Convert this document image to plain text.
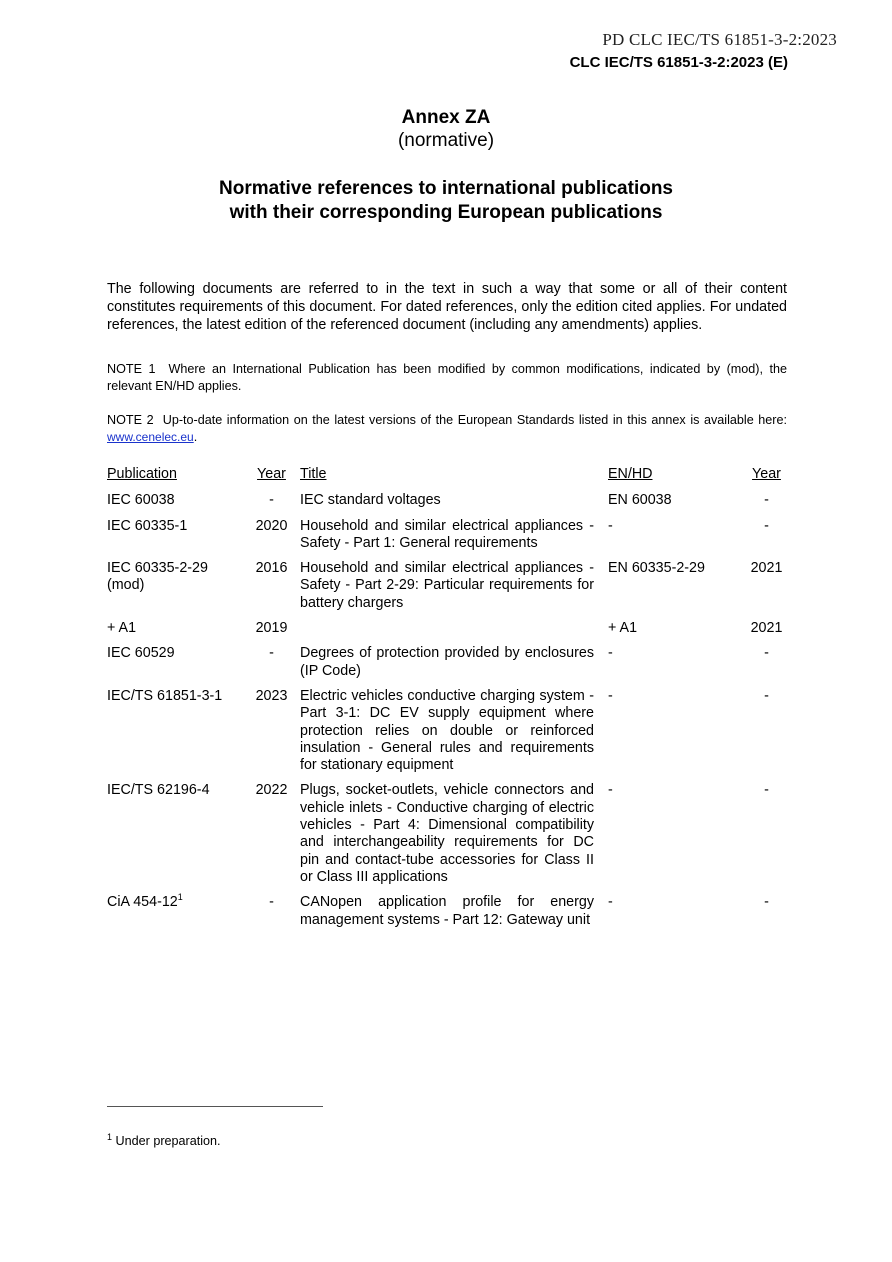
PD CLC IEC/TS 61851-3-2:2023
CLC IEC/TS 61851-3-2:2023 (E)
Annex ZA
(normative)
Normative references to international publications
with their corresponding European publications
The following documents are referred to in the text in such a way that some or all of their content constitutes requirements of this document. For dated references, only the edition cited applies. For undated references, the latest edition of the referenced document (including any amendments) applies.
NOTE 1  Where an International Publication has been modified by common modifications, indicated by (mod), the relevant EN/HD applies.
NOTE 2  Up-to-date information on the latest versions of the European Standards listed in this annex is available here: www.cenelec.eu.
Publication	Year	Title	EN/HD	Year
IEC 60038	-	IEC standard voltages	EN 60038	-
IEC 60335-1	2020	Household and similar electrical appliances - Safety - Part 1: General requirements	-	-
IEC 60335-2-29 (mod)	2016	Household and similar electrical appliances - Safety - Part 2-29: Particular requirements for battery chargers	EN 60335-2-29	2021
+ A1	2019		+ A1	2021
IEC 60529	-	Degrees of protection provided by enclosures (IP Code)	-	-
IEC/TS 61851-3-1	2023	Electric vehicles conductive charging system - Part 3-1: DC EV supply equipment where protection relies on double or reinforced insulation - General rules and requirements for stationary equipment	-	-
IEC/TS 62196-4	2022	Plugs, socket-outlets, vehicle connectors and vehicle inlets - Conductive charging of electric vehicles - Part 4: Dimensional compatibility and interchangeability requirements for DC pin and contact-tube accessories for Class II or Class III applications	-	-
CiA 454-12$^1$	-	CANopen application profile for energy management systems - Part 12: Gateway unit	-	-
$^1$ Under preparation.
